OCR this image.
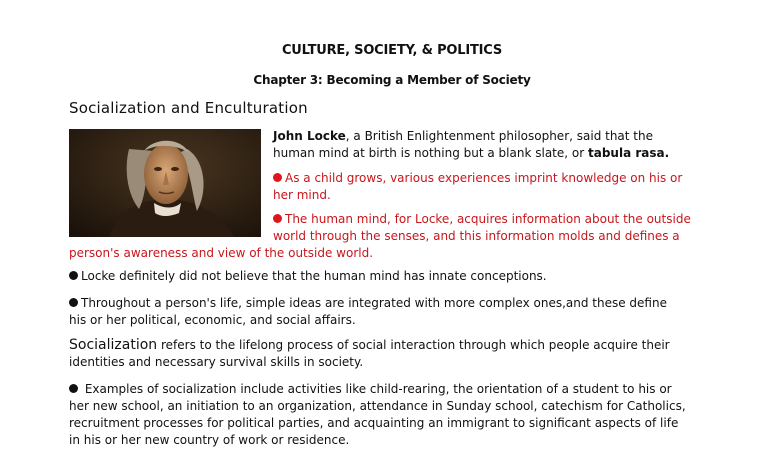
CULTURE, SOCIETY, & POLITICS
Chapter 3: Becoming a Member of Society
Socialization and Enculturation
John Locke, a British Enlightenment philosopher, said that the
human mind at birth is nothing but a blank slate, or tabula rasa.
As a child grows, various experiences imprint knowledge on his or
her mind.
The human mind, for Locke, acquires information about the outside
world through the senses, and this information molds and defines a
person's awareness and view of the outside world.
Locke definitely did not believe that the human mind has innate conceptions.
Throughout a person's life, simple ideas are integrated with more complex ones,and these define
his or her political, economic, and social affairs.
Socialization refers to the lifelong process of social interaction through which people acquire their
identities and necessary survival skills in society.
Examples of socialization include activities like child-rearing, the orientation of a student to his or
her new school, an initiation to an organization, attendance in Sunday school, catechism for Catholics,
recruitment processes for political parties, and acquainting an immigrant to significant aspects of life
in his or her new country of work or residence.
